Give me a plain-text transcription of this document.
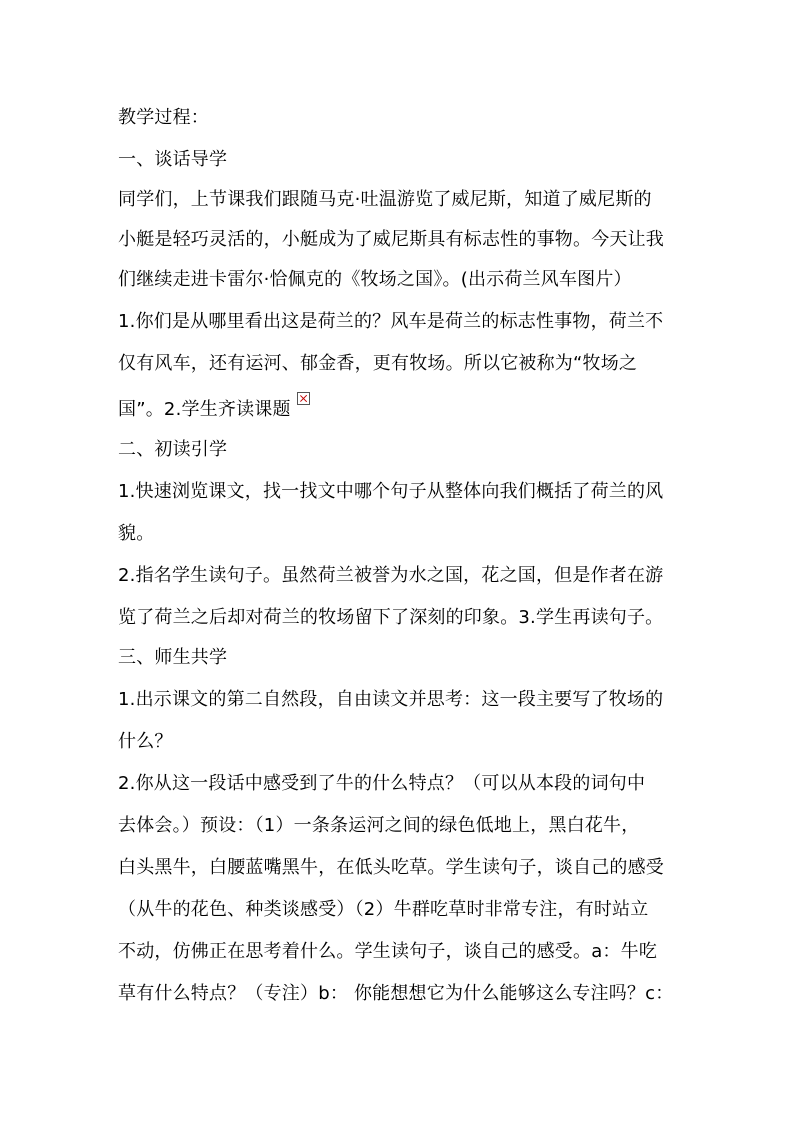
教学过程：
一、谈话导学
同学们，上节课我们跟随马克·吐温游览了威尼斯，知道了威尼斯的
小艇是轻巧灵活的，小艇成为了威尼斯具有标志性的事物。今天让我
们继续走进卡雷尔·恰佩克的《牧场之国》。(出示荷兰风车图片）
1.你们是从哪里看出这是荷兰的？风车是荷兰的标志性事物，荷兰不
仅有风车，还有运河、郁金香，更有牧场。所以它被称为“牧场之
国”。2.学生齐读课题
二、初读引学
1.快速浏览课文，找一找文中哪个句子从整体向我们概括了荷兰的风
貌。
2.指名学生读句子。虽然荷兰被誉为水之国，花之国，但是作者在游
览了荷兰之后却对荷兰的牧场留下了深刻的印象。3.学生再读句子。
三、师生共学
1.出示课文的第二自然段，自由读文并思考：这一段主要写了牧场的
什么？
2.你从这一段话中感受到了牛的什么特点？（可以从本段的词句中
去体会。）预设：（1）一条条运河之间的绿色低地上，黑白花牛，
白头黑牛，白腰蓝嘴黑牛，在低头吃草。学生读句子，谈自己的感受
（从牛的花色、种类谈感受）（2）牛群吃草时非常专注，有时站立
不动，仿佛正在思考着什么。学生读句子，谈自己的感受。a：牛吃
草有什么特点？（专注）b： 你能想想它为什么能够这么专注吗？c：
